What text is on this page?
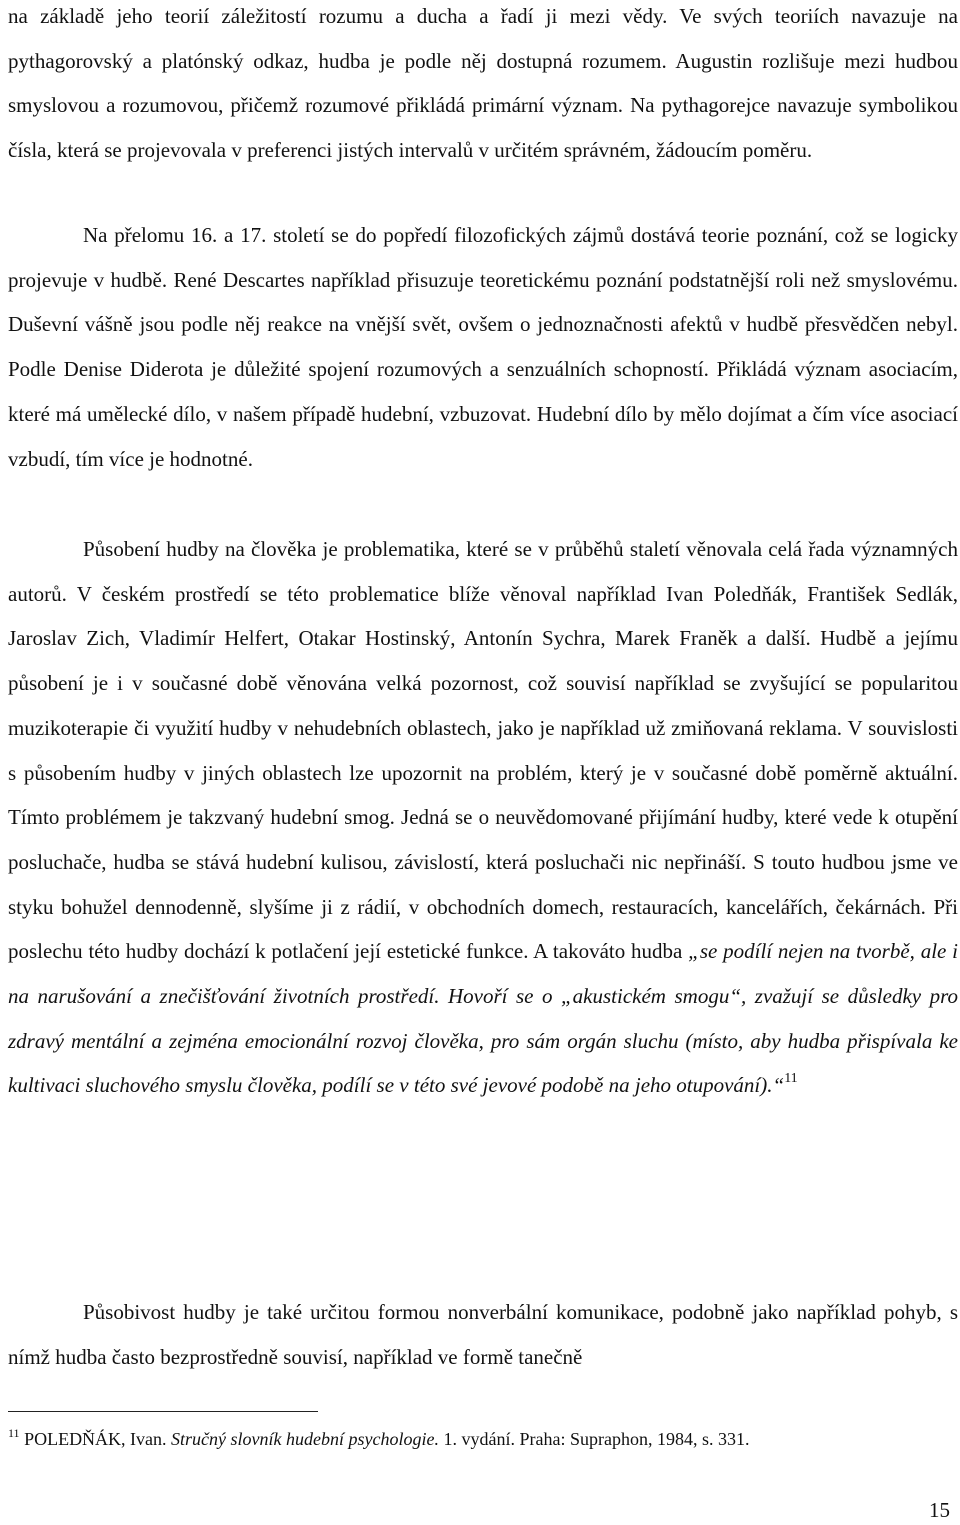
na základě jeho teorií záležitostí rozumu a ducha a řadí ji mezi vědy. Ve svých teoriích navazuje na pythagorovský a platónský odkaz, hudba je podle něj dostupná rozumem. Augustin rozlišuje mezi hudbou smyslovou a rozumovou, přičemž rozumové přikládá primární význam. Na pythagorejce navazuje symbolikou čísla, která se projevovala v preferenci jistých intervalů v určitém správném, žádoucím poměru.

Na přelomu 16. a 17. století se do popředí filozofických zájmů dostává teorie poznání, což se logicky projevuje v hudbě. René Descartes například přisuzuje teoretickému poznání podstatnější roli než smyslovému. Duševní vášně jsou podle něj reakce na vnější svět, ovšem o jednoznačnosti afektů v hudbě přesvědčen nebyl. Podle Denise Diderota je důležité spojení rozumových a senzuálních schopností. Přikládá význam asociacím, které má umělecké dílo, v našem případě hudební, vzbuzovat. Hudební dílo by mělo dojímat a čím více asociací vzbudí, tím více je hodnotné.

Působení hudby na člověka je problematika, které se v průběhů staletí věnovala celá řada významných autorů. V českém prostředí se této problematice blíže věnoval například Ivan Poledňák, František Sedlák, Jaroslav Zich, Vladimír Helfert, Otakar Hostinský, Antonín Sychra, Marek Franěk a další. Hudbě a jejímu působení je i v současné době věnována velká pozornost, což souvisí například se zvyšující se popularitou muzikoterapie či využití hudby v nehudebních oblastech, jako je například už zmiňovaná reklama. V souvislosti s působením hudby v jiných oblastech lze upozornit na problém, který je v současné době poměrně aktuální. Tímto problémem je takzvaný hudební smog. Jedná se o neuvědomované přijímání hudby, které vede k otupění posluchače, hudba se stává hudební kulisou, závislostí, která posluchači nic nepřináší. S touto hudbou jsme ve styku bohužel dennodenně, slyšíme ji z rádií, v obchodních domech, restauracích, kancelářích, čekárnách. Při poslechu této hudby dochází k potlačení její estetické funkce. A takováto hudba „se podílí nejen na tvorbě, ale i na narušování a znečišťování životních prostředí. Hovoří se o „akustickém smogu“, zvažují se důsledky pro zdravý mentální a zejména emocionální rozvoj člověka, pro sám orgán sluchu (místo, aby hudba přispívala ke kultivaci sluchového smyslu člověka, podílí se v této své jevové podobě na jeho otupování).“$^{11}$

Působivost hudby je také určitou formou nonverbální komunikace, podobně jako například pohyb, s nímž hudba často bezprostředně souvisí, například ve formě tanečně

$^{11}$ POLEDŇÁK, Ivan. Stručný slovník hudební psychologie. 1. vydání. Praha: Supraphon, 1984, s. 331.
15
